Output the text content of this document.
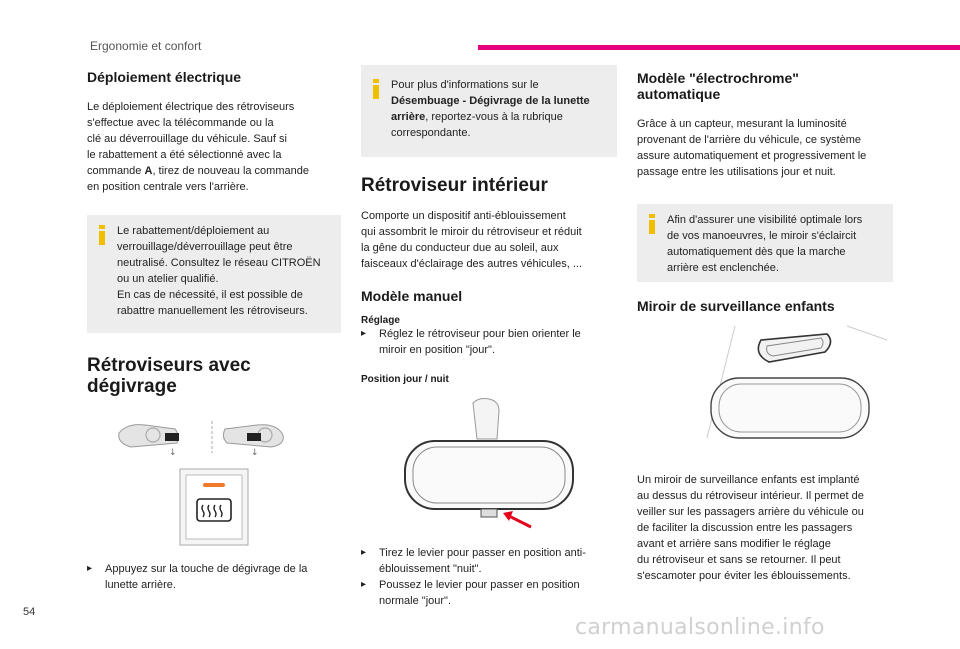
Ergonomie et confort
Déploiement électrique

Le déploiement électrique des rétroviseurs

s'effectue avec la télécommande ou la

clé au déverrouillage du véhicule. Sauf si

le rabattement a été sélectionné avec la

commande A, tirez de nouveau la commande

en position centrale vers l'arrière.

Le rabattement/déploiement au
verrouillage/déverrouillage peut être
neutralisé. Consultez le réseau CITROËN
ou un atelier qualifié.
En cas de nécessité, il est possible de
rabattre manuellement les rétroviseurs.
Rétroviseurs avec
dégivrage
↓	↓
▸	Appuyez sur la touche de dégivrage de la
lunette arrière.
Pour plus d'informations sur le
Désembuage - Dégivrage de la lunette
arrière, reportez-vous à la rubrique
correspondante.
Rétroviseur intérieur

Comporte un dispositif anti-éblouissement

qui assombrit le miroir du rétroviseur et réduit

la gêne du conducteur due au soleil, aux

faisceaux d'éclairage des autres véhicules, ...

Modèle manuel
Réglage
▸	Réglez le rétroviseur pour bien orienter le
miroir en position "jour".
Position jour / nuit
▸	Tirez le levier pour passer en position anti-
éblouissement "nuit".
▸	Poussez le levier pour passer en position
normale "jour".
Modèle "électrochrome"
automatique

Grâce à un capteur, mesurant la luminosité

provenant de l'arrière du véhicule, ce système

assure automatiquement et progressivement le

passage entre les utilisations jour et nuit.

Afin d'assurer une visibilité optimale lors
de vos manoeuvres, le miroir s'éclaircit
automatiquement dès que la marche
arrière est enclenchée.
Miroir de surveillance enfants

Un miroir de surveillance enfants est implanté

au dessus du rétroviseur intérieur. Il permet de

veiller sur les passagers arrière du véhicule ou

de faciliter la discussion entre les passagers

avant et arrière sans modifier le réglage

du rétroviseur et sans se retourner. Il peut

s'escamoter pour éviter les éblouissements.

54
carmanualsonline.info
